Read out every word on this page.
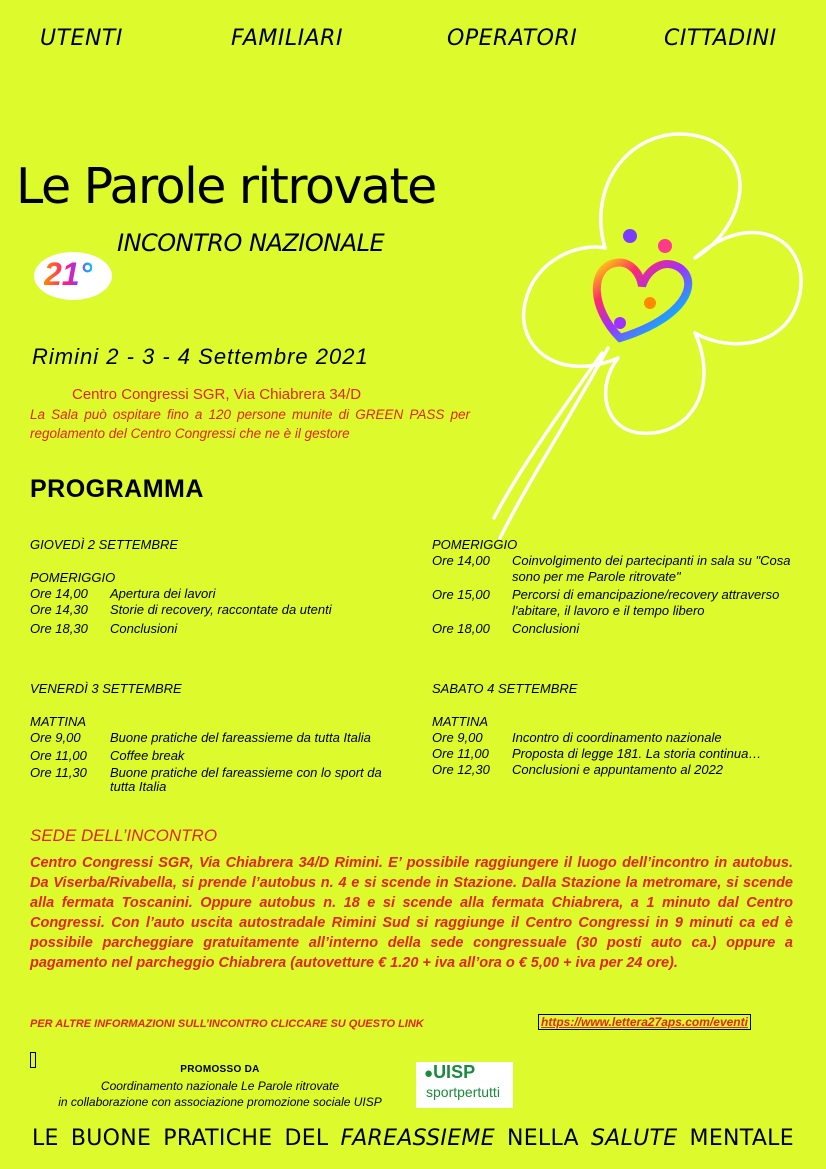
UTENTI	FAMILIARI	OPERATORI	CITTADINI
Le Parole ritrovate
INCONTRO NAZIONALE
21°
Rimini 2 - 3 - 4 Settembre 2021
Centro Congressi SGR, Via Chiabrera 34/D
La Sala può ospitare fino a 120 persone munite di GREEN PASS per regolamento del Centro Congressi che ne è il gestore
PROGRAMMA
GIOVEDÌ 2 SETTEMBRE
POMERIGGIO
Ore 14,00	Apertura dei lavori
Ore 14,30	Storie di recovery, raccontate da utenti
Ore 18,30	Conclusioni
POMERIGGIO
Ore 14,00	Coinvolgimento dei partecipanti in sala su "Cosa sono per me Parole ritrovate"
Ore 15,00	Percorsi di emancipazione/recovery attraverso l'abitare, il lavoro e il tempo libero
Ore 18,00	Conclusioni
VENERDÌ 3 SETTEMBRE
MATTINA
Ore 9,00	Buone pratiche del fareassieme da tutta Italia
Ore 11,00	Coffee break
Ore 11,30	Buone pratiche del fareassieme con lo sport da tutta Italia
SABATO 4 SETTEMBRE
MATTINA
Ore 9,00	Incontro di coordinamento nazionale
Ore 11,00	Proposta di legge 181. La storia continua…
Ore 12,30	Conclusioni e appuntamento al 2022
SEDE DELL’INCONTRO
Centro Congressi SGR, Via Chiabrera 34/D Rimini. E’ possibile raggiungere il luogo dell’incontro in autobus. Da Viserba/Rivabella, si prende l’autobus n. 4 e si scende in Stazione. Dalla Stazione la metromare, si scende alla fermata Toscanini. Oppure autobus n. 18 e si scende alla fermata Chiabrera, a 1 minuto dal Centro Congressi. Con l’auto uscita autostradale Rimini Sud si raggiunge il Centro Congressi in 9 minuti ca ed è possibile parcheggiare gratuitamente all’interno della sede congressuale (30 posti auto ca.) oppure a pagamento nel parcheggio Chiabrera (autovetture € 1.20 + iva all’ora o € 5,00 + iva per 24 ore).
PER ALTRE INFORMAZIONI SULL’INCONTRO CLICCARE SU QUESTO LINK	https://www.lettera27aps.com/eventi
PROMOSSO DA
Coordinamento nazionale Le Parole ritrovate
in collaborazione con associazione promozione sociale UISP
●UISP
sportpertutti
LE BUONE PRATICHE DEL FAREASSIEME NELLA SALUTE MENTALE
